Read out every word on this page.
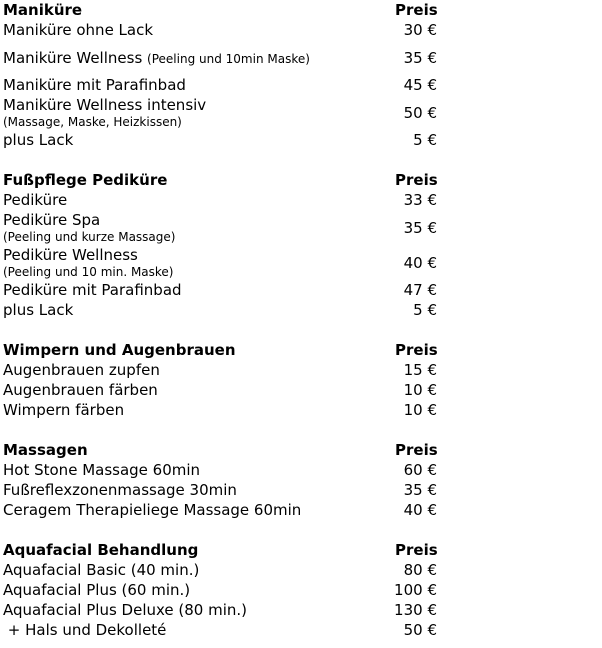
Maniküre	Preis
Maniküre ohne Lack	30 €
Maniküre Wellness (Peeling und 10min Maske)	35 €
Maniküre mit Parafinbad	45 €

Maniküre Wellness intensiv
(Massage, Maske, Heizkissen)	50 €
plus Lack	5 €

Fußpflege Pediküre	Preis
Pediküre	33 €

Pediküre Spa
(Peeling und kurze Massage)	35 €

Pediküre Wellness
(Peeling und 10 min. Maske)	40 €
Pediküre mit Parafinbad	47 €
plus Lack	5 €

Wimpern und Augenbrauen	Preis
Augenbrauen zupfen	15 €
Augenbrauen färben	10 €
Wimpern färben	10 €

Massagen	Preis
Hot Stone Massage 60min	60 €
Fußreflexzonenmassage 30min	35 €
Ceragem Therapieliege Massage 60min	40 €

Aquafacial Behandlung	Preis
Aquafacial Basic (40 min.)	80 €
Aquafacial Plus (60 min.)	100 €
Aquafacial Plus Deluxe (80 min.)	130 €
+ Hals und Dekolleté	50 €
